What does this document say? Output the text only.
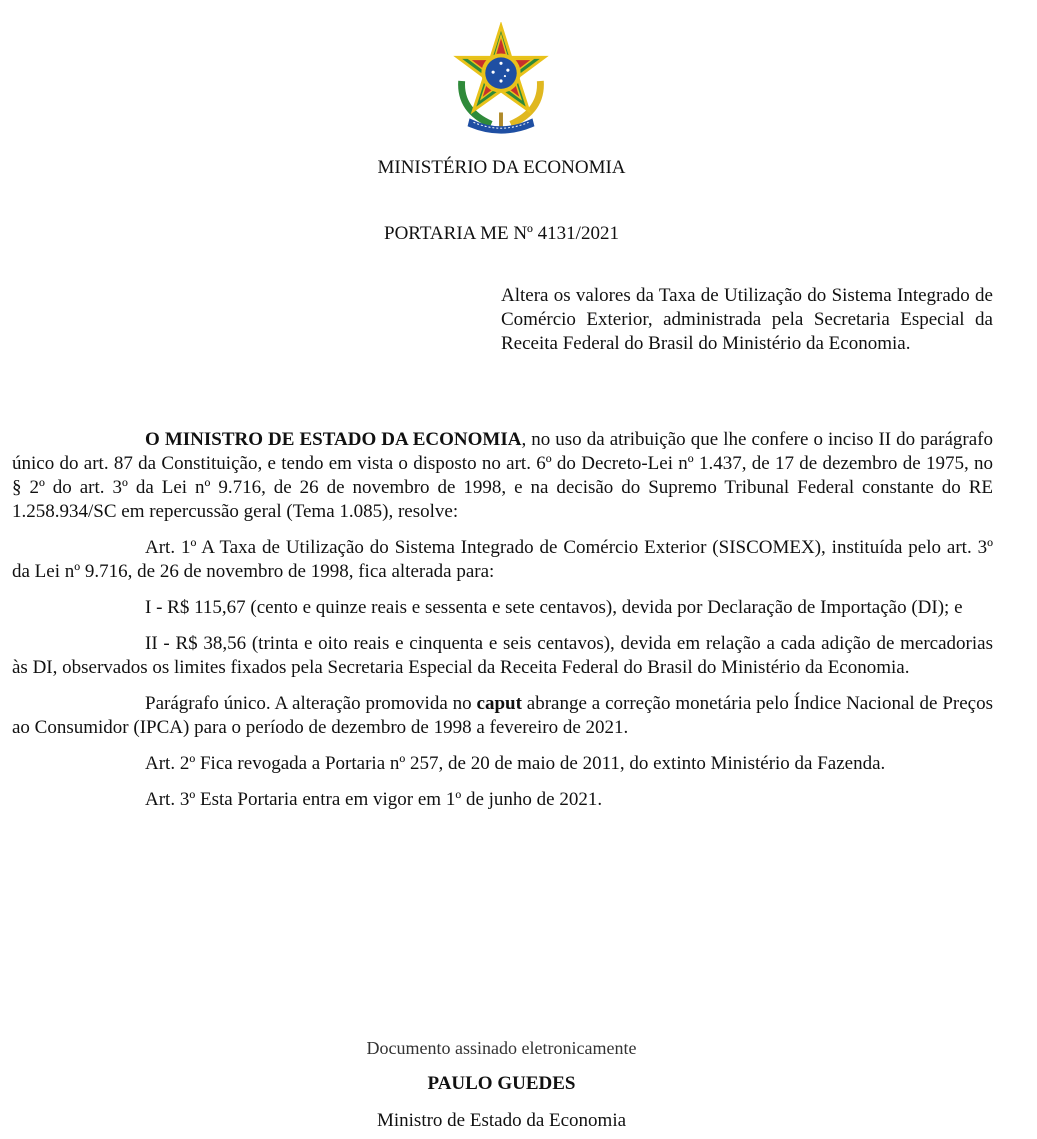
MINISTÉRIO DA ECONOMIA
PORTARIA ME Nº 4131/2021
Altera os valores da Taxa de Utilização do Sistema Integrado de Comércio Exterior, administrada pela Secretaria Especial da Receita Federal do Brasil do Ministério da Economia.

O MINISTRO DE ESTADO DA ECONOMIA, no uso da atribuição que lhe confere o inciso II do parágrafo único do art. 87 da Constituição, e tendo em vista o disposto no art. 6º do Decreto-Lei nº 1.437, de 17 de dezembro de 1975, no § 2º do art. 3º da Lei nº 9.716, de 26 de novembro de 1998, e na decisão do Supremo Tribunal Federal constante do RE 1.258.934/SC em repercussão geral (Tema 1.085), resolve:

Art. 1º A Taxa de Utilização do Sistema Integrado de Comércio Exterior (SISCOMEX), instituída pelo art. 3º da Lei nº 9.716, de 26 de novembro de 1998, fica alterada para:

I - R$ 115,67 (cento e quinze reais e sessenta e sete centavos), devida por Declaração de Importação (DI); e

II - R$ 38,56 (trinta e oito reais e cinquenta e seis centavos), devida em relação a cada adição de mercadorias às DI, observados os limites fixados pela Secretaria Especial da Receita Federal do Brasil do Ministério da Economia.

Parágrafo único. A alteração promovida no caput abrange a correção monetária pelo Índice Nacional de Preços ao Consumidor (IPCA) para o período de dezembro de 1998 a fevereiro de 2021.

Art. 2º Fica revogada a Portaria nº 257, de 20 de maio de 2011, do extinto Ministério da Fazenda.

Art. 3º Esta Portaria entra em vigor em 1º de junho de 2021.

Documento assinado eletronicamente
PAULO GUEDES
Ministro de Estado da Economia
